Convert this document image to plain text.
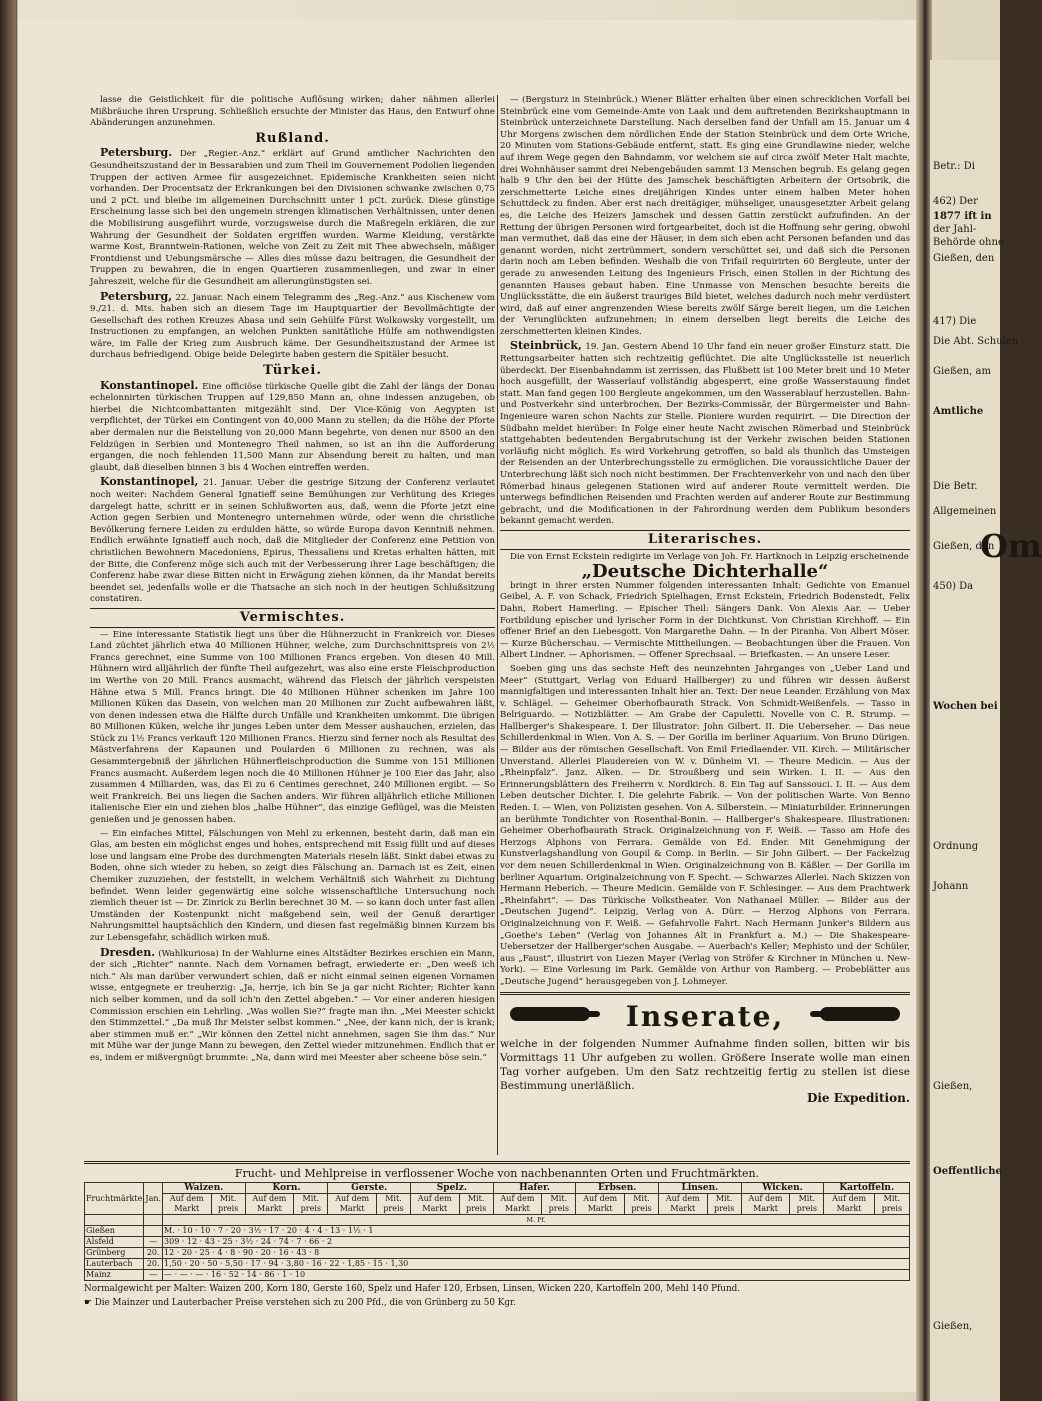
Betr.: Di
462) Der
1877 ift in
der Jahl-
Behörde ohne
Gießen, den
417) Die
Die Abt. Schulen
Gießen, am
Amtliche
Die Betr.
Allgemeinen
Gießen, den
Om
450) Da
Wochen bei
Ordnung
Johann
Gießen,
Oeffentliche
Gießen,

lasse die Geistlichkeit für die politische Auflösung wirken; daher nähmen allerlei Mißbräuche ihren Ursprung. Schließlich ersuchte der Minister das Haus, den Entwurf ohne Abänderungen anzunehmen.

Rußland.

Petersburg. Der „Regier.-Anz.“ erklärt auf Grund amtlicher Nachrichten den Gesundheitszustand der in Bessarabien und zum Theil im Gouvernement Podolien liegenden Truppen der activen Armee für ausgezeichnet. Epidemische Krankheiten seien nicht vorhanden. Der Procentsatz der Erkrankungen bei den Divisionen schwanke zwischen 0,75 und 2 pCt. und bleibe im allgemeinen Durchschnitt unter 1 pCt. zurück. Diese günstige Erscheinung lasse sich bei den ungemein strengen klimatischen Verhältnissen, unter denen die Mobilisirung ausgeführt wurde, vorzugsweise durch die Maßregeln erklären, die zur Wahrung der Gesundheit der Soldaten ergriffen wurden. Warme Kleidung, verstärkte warme Kost, Branntwein-Rationen, welche von Zeit zu Zeit mit Thee abwechseln, mäßiger Frontdienst und Uebungsmärsche — Alles dies müsse dazu beitragen, die Gesundheit der Truppen zu bewahren, die in engen Quartieren zusammenliegen, und zwar in einer Jahreszeit, welche für die Gesundheit am allerungünstigsten sei.

Petersburg, 22. Januar. Nach einem Telegramm des „Reg.-Anz.“ aus Kischenew vom 9./21. d. Mts. haben sich an diesem Tage im Hauptquartier der Bevollmächtigte der Gesellschaft des rothen Kreuzes Abasa und sein Gehülfe Fürst Wolkowsky vorgestellt, um Instructionen zu empfangen, an welchen Punkten sanitätliche Hülfe am nothwendigsten wäre, im Falle der Krieg zum Ausbruch käme. Der Gesundheitszustand der Armee ist durchaus befriedigend. Obige beide Delegirte haben gestern die Spitäler besucht.

Türkei.

Konstantinopel. Eine officiöse türkische Quelle gibt die Zahl der längs der Donau echelonnirten türkischen Truppen auf 129,850 Mann an, ohne indessen anzugeben, ob hierbei die Nichtcombattanten mitgezählt sind. Der Vice-König von Aegypten ist verpflichtet, der Türkei ein Contingent von 40,000 Mann zu stellen; da die Höhe der Pforte aber dermalen nur die Beistellung von 20,000 Mann begehrte, von denen nur 8500 an den Feldzügen in Serbien und Montenegro Theil nahmen, so ist an ihn die Aufforderung ergangen, die noch fehlenden 11,500 Mann zur Absendung bereit zu halten, und man glaubt, daß dieselben binnen 3 bis 4 Wochen eintreffen werden.

Konstantinopel, 21. Januar. Ueber die gestrige Sitzung der Conferenz verlautet noch weiter: Nachdem General Ignatieff seine Bemühungen zur Verhütung des Krieges dargelegt hatte, schritt er in seinen Schlußworten aus, daß, wenn die Pforte jetzt eine Action gegen Serbien und Montenegro unternehmen würde, oder wenn die christliche Bevölkerung fernere Leiden zu erdulden hätte, so würde Europa davon Kenntniß nehmen. Endlich erwähnte Ignatieff auch noch, daß die Mitglieder der Conferenz eine Petition von christlichen Bewohnern Macedoniens, Epirus, Thessaliens und Kretas erhalten hätten, mit der Bitte, die Conferenz möge sich auch mit der Verbesserung ihrer Lage beschäftigen; die Conferenz habe zwar diese Bitten nicht in Erwägung ziehen können, da ihr Mandat bereits beendet sei, jedenfalls wolle er die Thatsache an sich noch in der heutigen Schlußsitzung constatiren.

Vermischtes.

— Eine interessante Statistik liegt uns über die Hühnerzucht in Frankreich vor. Dieses Land züchtet jährlich etwa 40 Millionen Hühner, welche, zum Durchschnittspreis von 2½ Francs gerechnet, eine Summe von 100 Millionen Francs ergeben. Von diesen 40 Mill. Hühnern wird alljährlich der fünfte Theil aufgezehrt, was also eine erste Fleischproduction im Werthe von 20 Mill. Francs ausmacht, während das Fleisch der jährlich verspeisten Hähne etwa 5 Mill. Francs bringt. Die 40 Millionen Hühner schenken im Jahre 100 Millionen Küken das Dasein, von welchen man 20 Millionen zur Zucht aufbewahren läßt, von denen indessen etwa die Hälfte durch Unfälle und Krankheiten umkommt. Die übrigen 80 Millionen Küken, welche ihr junges Leben unter dem Messer aushauchen, erzielen, das Stück zu 1½ Francs verkauft 120 Millionen Francs. Hierzu sind ferner noch als Resultat des Mästverfahrens der Kapaunen und Poularden 6 Millionen zu rechnen, was als Gesammtergebniß der jährlichen Hühnerfleischproduction die Summe von 151 Millionen Francs ausmacht. Außerdem legen noch die 40 Millionen Hühner je 100 Eier das Jahr, also zusammen 4 Milliarden, was, das Ei zu 6 Centimes gerechnet, 240 Millionen ergibt. — So weit Frankreich. Bei uns liegen die Sachen anders. Wir führen alljährlich etliche Millionen italienische Eier ein und ziehen blos „halbe Hühner“, das einzige Geflügel, was die Meisten genießen und je genossen haben.

— Ein einfaches Mittel, Fälschungen von Mehl zu erkennen, besteht darin, daß man ein Glas, am besten ein möglichst enges und hohes, entsprechend mit Essig füllt und auf dieses lose und langsam eine Probe des durchmengten Materials rieseln läßt. Sinkt dabei etwas zu Boden, ohne sich wieder zu heben, so zeigt dies Fälschung an. Darnach ist es Zeit, einen Chemiker zuzuziehen, der feststellt, in welchem Verhältniß sich Wahrheit zu Dichtung befindet. Wenn leider gegenwärtig eine solche wissenschaftliche Untersuchung noch ziemlich theuer ist — Dr. Zinrick zu Berlin berechnet 30 M. — so kann doch unter fast allen Umständen der Kostenpunkt nicht maßgebend sein, weil der Genuß derartiger Nahrungsmittel hauptsächlich den Kindern, und diesen fast regelmäßig binnen Kurzem bis zur Lebensgefahr, schädlich wirken muß.

Dresden. (Wahlkuriosa) In der Wahlurne eines Altstädter Bezirkes erschien ein Mann, der sich „Richter“ nannte. Nach dem Vornamen befragt, erwiederte er: „Den weeß ich nich.“ Als man darüber verwundert schien, daß er nicht einmal seinen eigenen Vornamen wisse, entgegnete er treuherzig: „Ja, herrje, ich bin Se ja gar nicht Richter; Richter kann nich selber kommen, und da soll ich'n den Zettel abgeben.“ — Vor einer anderen hiesigen Commission erschien ein Lehrling. „Was wollen Sie?“ fragte man ihn. „Mei Meester schickt den Stimmzettel.“ „Da muß Ihr Meister selbst kommen.“ „Nee, der kann nich, der is krank; aber stimmen muß er.“ „Wir können den Zettel nicht annehmen, sagen Sie ihm das.“ Nur mit Mühe war der junge Mann zu bewegen, den Zettel wieder mitzunehmen. Endlich that er es, indem er mißvergnügt brummte: „Na, dann wird mei Meester aber scheene böse sein.“

— (Bergsturz in Steinbrück.) Wiener Blätter erhalten über einen schrecklichen Vorfall bei Steinbrück eine vom Gemeinde-Amte von Laak und dem auftretenden Bezirkshauptmann in Steinbrück unterzeichnete Darstellung. Nach derselben fand der Unfall am 15. Januar um 4 Uhr Morgens zwischen dem nördlichen Ende der Station Steinbrück und dem Orte Wriche, 20 Minuten vom Stations-Gebäude entfernt, statt. Es ging eine Grundlawine nieder, welche auf ihrem Wege gegen den Bahndamm, vor welchem sie auf circa zwölf Meter Halt machte, drei Wohnhäuser sammt drei Nebengebäuden sammt 13 Menschen begrub. Es gelang gegen halb 9 Uhr den bei der Hütte des Jamschek beschäftigten Arbeitern der Ortsobrik, die zerschmetterte Leiche eines dreijährigen Kindes unter einem halben Meter hohen Schuttdeck zu finden. Aber erst nach dreitägiger, mühseliger, unausgesetzter Arbeit gelang es, die Leiche des Heizers Jamschek und dessen Gattin zerstückt aufzufinden. An der Rettung der übrigen Personen wird fortgearbeitet, doch ist die Hoffnung sehr gering, obwohl man vermuthet, daß das eine der Häuser, in dem sich eben acht Personen befanden und das genannt worden, nicht zertrümmert, sondern verschüttet sei, und daß sich die Personen darin noch am Leben befinden. Weshalb die von Trifail requirirten 60 Bergleute, unter der gerade zu anwesenden Leitung des Ingenieurs Frisch, einen Stollen in der Richtung des genannten Hauses gebaut haben. Eine Unmasse von Menschen besuchte bereits die Unglücksstätte, die ein äußerst trauriges Bild bietet, welches dadurch noch mehr verdüstert wird, daß auf einer angrenzenden Wiese bereits zwölf Särge bereit liegen, um die Leichen der Verunglückten aufzunehmen; in einem derselben liegt bereits die Leiche des zerschmetterten kleinen Kindes.

Steinbrück, 19. Jan. Gestern Abend 10 Uhr fand ein neuer großer Einsturz statt. Die Rettungsarbeiter hatten sich rechtzeitig geflüchtet. Die alte Unglücksstelle ist neuerlich überdeckt. Der Eisenbahndamm ist zerrissen, das Flußbett ist 100 Meter breit und 10 Meter hoch ausgefüllt, der Wasserlauf vollständig abgesperrt, eine große Wasserstauung findet statt. Man fand gegen 100 Bergleute angekommen, um den Wasserablauf herzustellen. Bahn- und Postverkehr sind unterbrochen. Der Bezirks-Commissär, der Bürgermeister und Bahn-Ingenieure waren schon Nachts zur Stelle. Pioniere wurden requirirt. — Die Direction der Südbahn meldet hierüber: In Folge einer heute Nacht zwischen Römerbad und Steinbrück stattgehabten bedeutenden Bergabrutschung ist der Verkehr zwischen beiden Stationen vorläufig nicht möglich. Es wird Vorkehrung getroffen, so bald als thunlich das Umsteigen der Reisenden an der Unterbrechungsstelle zu ermöglichen. Die voraussichtliche Dauer der Unterbrechung läßt sich noch nicht bestimmen. Der Frachtenverkehr von und nach den über Römerbad hinaus gelegenen Stationen wird auf anderer Route vermittelt werden. Die unterwegs befindlichen Reisenden und Frachten werden auf anderer Route zur Bestimmung gebracht, und die Modificationen in der Fahrordnung werden dem Publikum besonders bekannt gemacht werden.

Literarisches.

Die von Ernst Eckstein redigirte im Verlage von Joh. Fr. Hartknoch in Leipzig erscheinende

„Deutsche Dichterhalle“

bringt in ihrer ersten Nummer folgenden interessanten Inhalt: Gedichte von Emanuel Geibel, A. F. von Schack, Friedrich Spielhagen, Ernst Eckstein, Friedrich Bodenstedt, Felix Dahn, Robert Hamerling. — Epischer Theil: Sängers Dank. Von Alexis Aar. — Ueber Fortbildung epischer und lyrischer Form in der Dichtkunst. Von Christian Kirchhoff. — Ein offener Brief an den Liebesgott. Von Margarethe Dahn. — In der Piranha. Von Albert Möser. — Kurze Bücherschau. — Vermischte Mittheilungen. — Beobachtungen über die Frauen. Von Albert Lindner. — Aphorismen. — Offener Sprechsaal. — Briefkasten. — An unsere Leser.

Soeben ging uns das sechste Heft des neunzehnten Jahrganges von „Ueber Land und Meer“ (Stuttgart, Verlag von Eduard Hallberger) zu und führen wir dessen äußerst mannigfaltigen und interessanten Inhalt hier an. Text: Der neue Leander. Erzählung von Max v. Schlägel. — Geheimer Oberhofbaurath Strack. Von Schmidt-Weißenfels. — Tasso in Belriguardo. — Notizblätter. — Am Grabe der Capuletti. Novelle von C. R. Strump. — Hallberger's Shakespeare. I. Der Illustrator: John Gilbert. II. Die Ueberseher. — Das neue Schillerdenkmal in Wien. Von A. S. — Der Gorilla im berliner Aquarium. Von Bruno Dürigen. — Bilder aus der römischen Gesellschaft. Von Emil Friedlaender. VII. Kirch. — Militärischer Unverstand. Allerlei Plaudereien von W. v. Dünheim VI. — Theure Medicin. — Aus der „Rheinpfalz“. Janz. Alken. — Dr. Stroußberg und sein Wirken. I. II. — Aus den Erinnerungsblättern des Freiherrn v. Nordkirch. 8. Ein Tag auf Sanssouci. I. II. — Aus dem Leben deutscher Dichter. I. Die gelehrte Fabrik. — Von der politischen Warte. Von Benno Reden. I. — Wien, von Polizisten gesehen. Von A. Silberstein. — Miniaturbilder. Erinnerungen an berühmte Tondichter von Rosenthal-Bonin. — Hallberger's Shakespeare. Illustrationen: Geheimer Oberhofbaurath Strack. Originalzeichnung von F. Weiß. — Tasso am Hofe des Herzogs Alphons von Ferrara. Gemälde von Ed. Ender. Mit Genehmigung der Kunstverlagshandlung von Goupil & Comp. in Berlin. — Sir John Gilbert. — Der Fackelzug vor dem neuen Schillerdenkmal in Wien. Originalzeichnung von B. Käßler. — Der Gorilla im berliner Aquarium. Originalzeichnung von F. Specht. — Schwarzes Allerlei. Nach Skizzen von Hermann Heberich. — Theure Medicin. Gemälde von F. Schlesinger. — Aus dem Prachtwerk „Rheinfahrt“. — Das Türkische Volkstheater. Von Nathanael Müller. — Bilder aus der „Deutschen Jugend“. Leipzig, Verlag von A. Dürr. — Herzog Alphons von Ferrara. Originalzeichnung von F. Weiß. — Gefahrvolle Fahrt. Nach Hermann Junker's Bildern aus „Goethe's Leben“ (Verlag von Johannes Alt in Frankfurt a. M.) — Die Shakespeare-Uebersetzer der Hallberger'schen Ausgabe. — Auerbach's Keller; Mephisto und der Schüler, aus „Faust“, illustrirt von Liezen Mayer (Verlag von Ströfer & Kirchner in München u. New-York). — Eine Vorlesung im Park. Gemälde von Arthur von Ramberg. — Probeblätter aus „Deutsche Jugend“ herausgegeben von J. Lohmeyer.

Inserate,
welche in der folgenden Nummer Aufnahme finden sollen, bitten wir bis Vormittags 11 Uhr aufgeben zu wollen. Größere Inserate wolle man einen Tag vorher aufgeben. Um den Satz rechtzeitig fertig zu stellen ist diese Bestimmung unerläßlich.
Die Expedition.
Frucht- und Mehlpreise in verflossener Woche von nachbenannten Orten und Fruchtmärkten.
Fruchtmärkte	Jan.	Waizen.		Korn.		Gerste.		Spelz.		Hafer.		Erbsen.		Linsen.		Wicken.		Kartoffeln.	
		Auf dem Markt	Mit. preis	Auf dem Markt	Mit. preis	Auf dem Markt	Mit. preis	Auf dem Markt	Mit. preis	Auf dem Markt	Mit. preis	Auf dem Markt	Mit. preis	Auf dem Markt	Mit. preis	Auf dem Markt	Mit. preis	Auf dem Markt	Mit. preis
		M. Pf.																	
Gießen		M. · 10 · 10 · 7 · 20 · 3½ · 17 · 20 · 4 · 4 · 13 · 1½ · 1																	
Alsfeld	—	309 · 12 · 43 · 25 · 3½ · 24 · 74 · 7 · 66 · 2																	
Grünberg	20.	12 · 20 · 25 · 4 · 8 · 90 · 20 · 16 · 43 · 8																	
Lauterbach	20.	1,50 · 20 · 50 · 5,50 · 17 · 94 · 3,80 · 16 · 22 · 1,85 · 15 · 1,30																	
Mainz	—	— · — · — · 16 · 52 · 14 · 86 · 1 · 10																	
Normalgewicht per Malter: Waizen 200, Korn 180, Gerste 160, Spelz und Hafer 120, Erbsen, Linsen, Wicken 220, Kartoffeln 200, Mehl 140 Pfund.
☛ Die Mainzer und Lauterbacher Preise verstehen sich zu 200 Pfd., die von Grünberg zu 50 Kgr.
